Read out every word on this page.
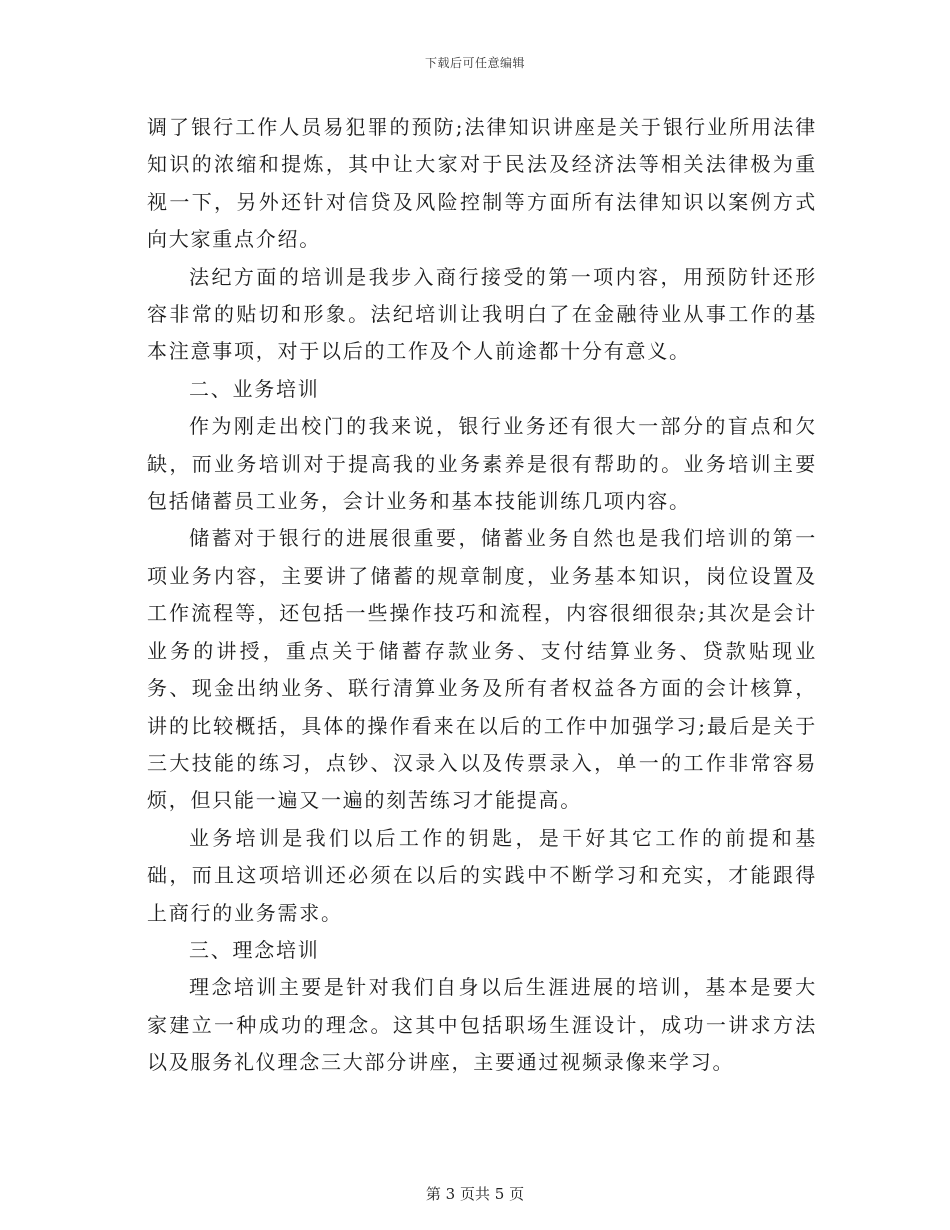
下载后可任意编辑

调了银行工作人员易犯罪的预防;法律知识讲座是关于银行业所用法律知识的浓缩和提炼，其中让大家对于民法及经济法等相关法律极为重视一下，另外还针对信贷及风险控制等方面所有法律知识以案例方式向大家重点介绍。

法纪方面的培训是我步入商行接受的第一项内容，用预防针还形容非常的贴切和形象。法纪培训让我明白了在金融待业从事工作的基本注意事项，对于以后的工作及个人前途都十分有意义。

二、业务培训

作为刚走出校门的我来说，银行业务还有很大一部分的盲点和欠缺，而业务培训对于提高我的业务素养是很有帮助的。业务培训主要包括储蓄员工业务，会计业务和基本技能训练几项内容。

储蓄对于银行的进展很重要，储蓄业务自然也是我们培训的第一项业务内容，主要讲了储蓄的规章制度，业务基本知识，岗位设置及工作流程等，还包括一些操作技巧和流程，内容很细很杂;其次是会计业务的讲授，重点关于储蓄存款业务、支付结算业务、贷款贴现业务、现金出纳业务、联行清算业务及所有者权益各方面的会计核算，讲的比较概括，具体的操作看来在以后的工作中加强学习;最后是关于三大技能的练习，点钞、汉录入以及传票录入，单一的工作非常容易烦，但只能一遍又一遍的刻苦练习才能提高。

业务培训是我们以后工作的钥匙，是干好其它工作的前提和基础，而且这项培训还必须在以后的实践中不断学习和充实，才能跟得上商行的业务需求。

三、理念培训

理念培训主要是针对我们自身以后生涯进展的培训，基本是要大家建立一种成功的理念。这其中包括职场生涯设计，成功一讲求方法以及服务礼仪理念三大部分讲座，主要通过视频录像来学习。

第 3 页共 5 页
